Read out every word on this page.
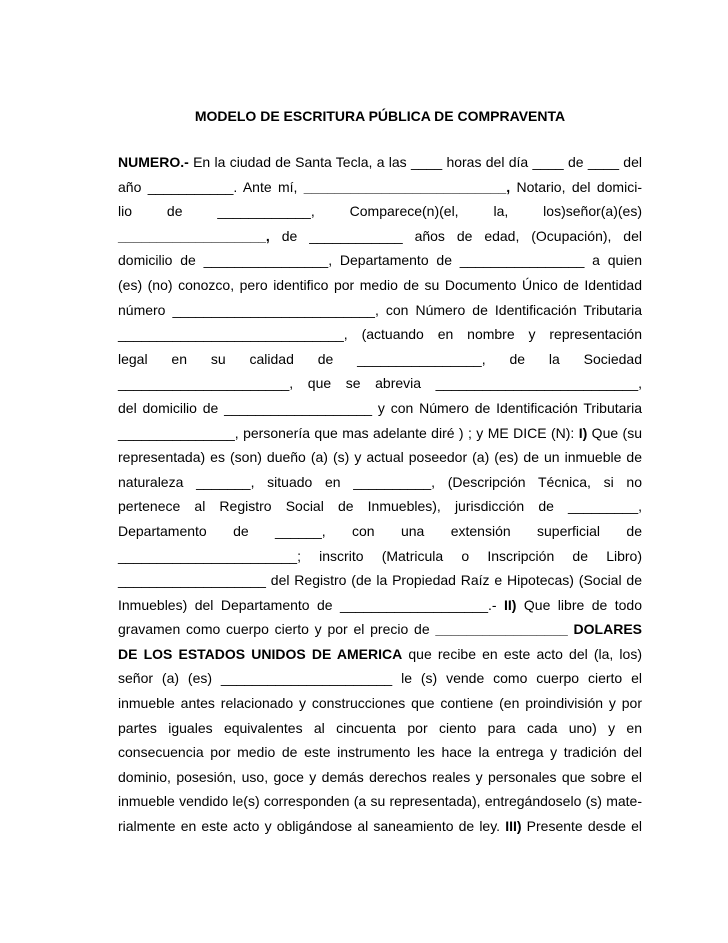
MODELO DE ESCRITURA PÚBLICA DE COMPRAVENTA
NUMERO.- En la ciudad de Santa Tecla, a las ____ horas del día ____ de ____ del
año ___________. Ante mí, __________________________, Notario, del domici-
lio de ____________, Comparece(n)(el, la, los)señor(a)(es)
___________________, de ____________ años de edad, (Ocupación), del
domicilio de ________________, Departamento de ________________ a quien
(es) (no) conozco, pero identifico por medio de su Documento Único de Identidad
número __________________________, con Número de Identificación Tributaria
_____________________________, (actuando en nombre y representación
legal en su calidad de ________________, de la Sociedad
______________________, que se abrevia __________________________,
del domicilio de ___________________ y con Número de Identificación Tributaria
_______________, personería que mas adelante diré ) ; y ME DICE (N): I) Que (su
representada) es (son) dueño (a) (s) y actual poseedor (a) (es) de un inmueble de
naturaleza _______, situado en __________, (Descripción Técnica, si no
pertenece al Registro Social de Inmuebles), jurisdicción de _________,
Departamento de ______, con una extensión superficial de
_______________________; inscrito (Matricula o Inscripción de Libro)
___________________ del Registro (de la Propiedad Raíz e Hipotecas) (Social de
Inmuebles) del Departamento de ___________________.- II) Que libre de todo
gravamen como cuerpo cierto y por el precio de _________________ DOLARES
DE LOS ESTADOS UNIDOS DE AMERICA que recibe en este acto del (la, los)
señor (a) (es) ______________________ le (s) vende como cuerpo cierto el
inmueble antes relacionado y construcciones que contiene (en proindivisión y por
partes iguales equivalentes al cincuenta por ciento para cada uno) y en
consecuencia por medio de este instrumento les hace la entrega y tradición del
dominio, posesión, uso, goce y demás derechos reales y personales que sobre el
inmueble vendido le(s) corresponden (a su representada), entregándoselo (s) mate-
rialmente en este acto y obligándose al saneamiento de ley. III) Presente desde el
